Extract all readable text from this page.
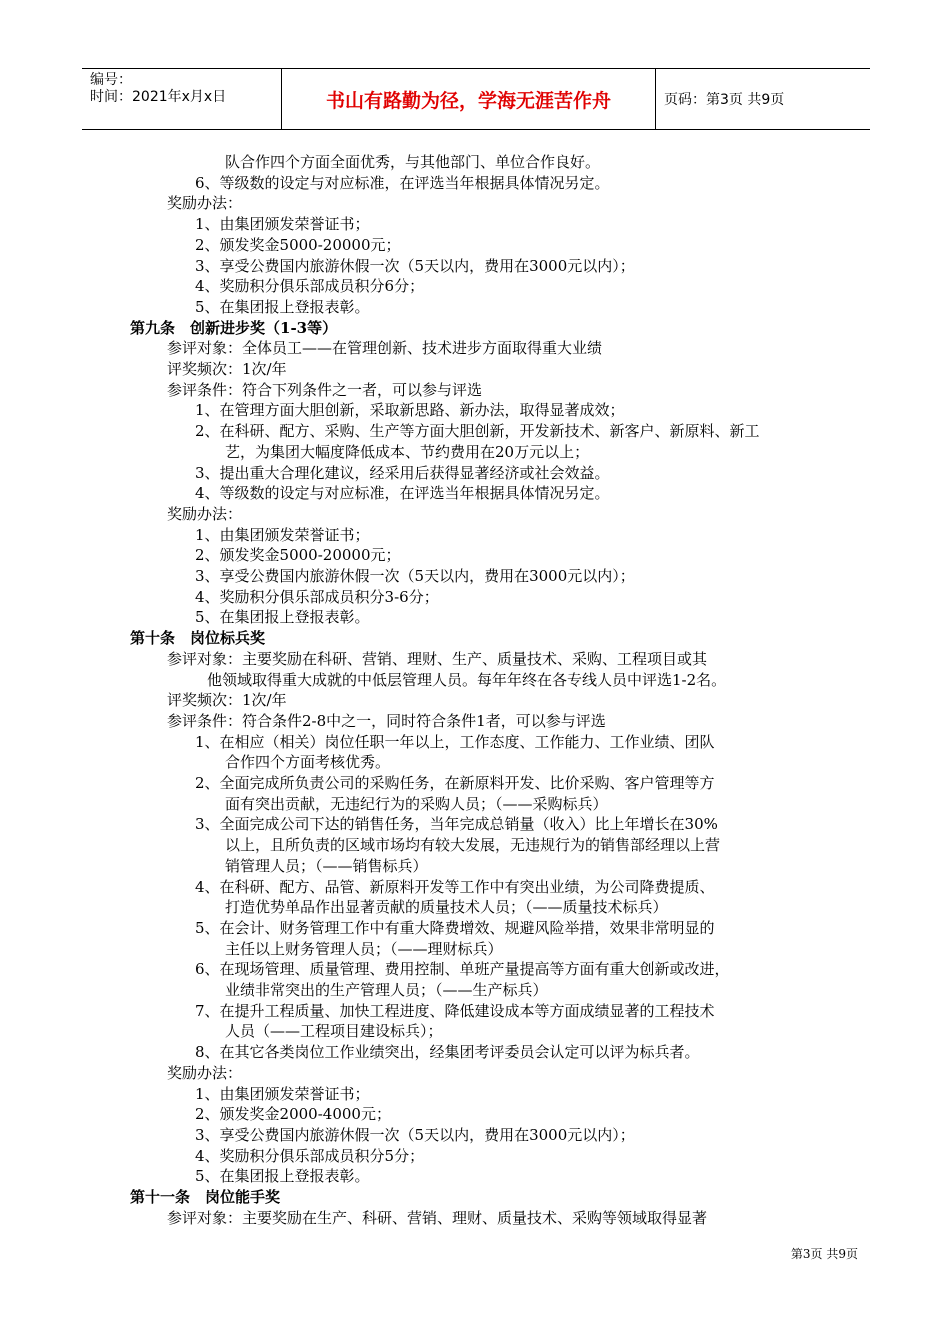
编号：
时间：2021年x月x日	书山有路勤为径，学海无涯苦作舟	页码：第3页 共9页
队合作四个方面全面优秀，与其他部门、单位合作良好。
6、等级数的设定与对应标准，在评选当年根据具体情况另定。
奖励办法：
1、由集团颁发荣誉证书；
2、颁发奖金5000-20000元；
3、享受公费国内旅游休假一次（5天以内，费用在3000元以内）；
4、奖励积分俱乐部成员积分6分；
5、在集团报上登报表彰。
第九条　创新进步奖（1-3等）
参评对象：全体员工——在管理创新、技术进步方面取得重大业绩
评奖频次：1次/年
参评条件：符合下列条件之一者，可以参与评选
1、在管理方面大胆创新，采取新思路、新办法，取得显著成效；
2、在科研、配方、采购、生产等方面大胆创新，开发新技术、新客户、新原料、新工
艺，为集团大幅度降低成本、节约费用在20万元以上；
3、提出重大合理化建议，经采用后获得显著经济或社会效益。
4、等级数的设定与对应标准，在评选当年根据具体情况另定。
奖励办法：
1、由集团颁发荣誉证书；
2、颁发奖金5000-20000元；
3、享受公费国内旅游休假一次（5天以内，费用在3000元以内）；
4、奖励积分俱乐部成员积分3-6分；
5、在集团报上登报表彰。
第十条　岗位标兵奖
参评对象：主要奖励在科研、营销、理财、生产、质量技术、采购、工程项目或其
他领域取得重大成就的中低层管理人员。每年年终在各专线人员中评选1-2名。
评奖频次：1次/年
参评条件：符合条件2-8中之一，同时符合条件1者，可以参与评选
1、在相应（相关）岗位任职一年以上，工作态度、工作能力、工作业绩、团队
合作四个方面考核优秀。
2、全面完成所负责公司的采购任务，在新原料开发、比价采购、客户管理等方
面有突出贡献，无违纪行为的采购人员；（——采购标兵）
3、全面完成公司下达的销售任务，当年完成总销量（收入）比上年增长在30%
以上，且所负责的区域市场均有较大发展，无违规行为的销售部经理以上营
销管理人员；（——销售标兵）
4、在科研、配方、品管、新原料开发等工作中有突出业绩，为公司降费提质、
打造优势单品作出显著贡献的质量技术人员；（——质量技术标兵）
5、在会计、财务管理工作中有重大降费增效、规避风险举措，效果非常明显的
主任以上财务管理人员；（——理财标兵）
6、在现场管理、质量管理、费用控制、单班产量提高等方面有重大创新或改进，
业绩非常突出的生产管理人员；（——生产标兵）
7、在提升工程质量、加快工程进度、降低建设成本等方面成绩显著的工程技术
人员（——工程项目建设标兵）；
8、在其它各类岗位工作业绩突出，经集团考评委员会认定可以评为标兵者。
奖励办法：
1、由集团颁发荣誉证书；
2、颁发奖金2000-4000元；
3、享受公费国内旅游休假一次（5天以内，费用在3000元以内）；
4、奖励积分俱乐部成员积分5分；
5、在集团报上登报表彰。
第十一条　岗位能手奖
参评对象：主要奖励在生产、科研、营销、理财、质量技术、采购等领域取得显著
第3页 共9页
